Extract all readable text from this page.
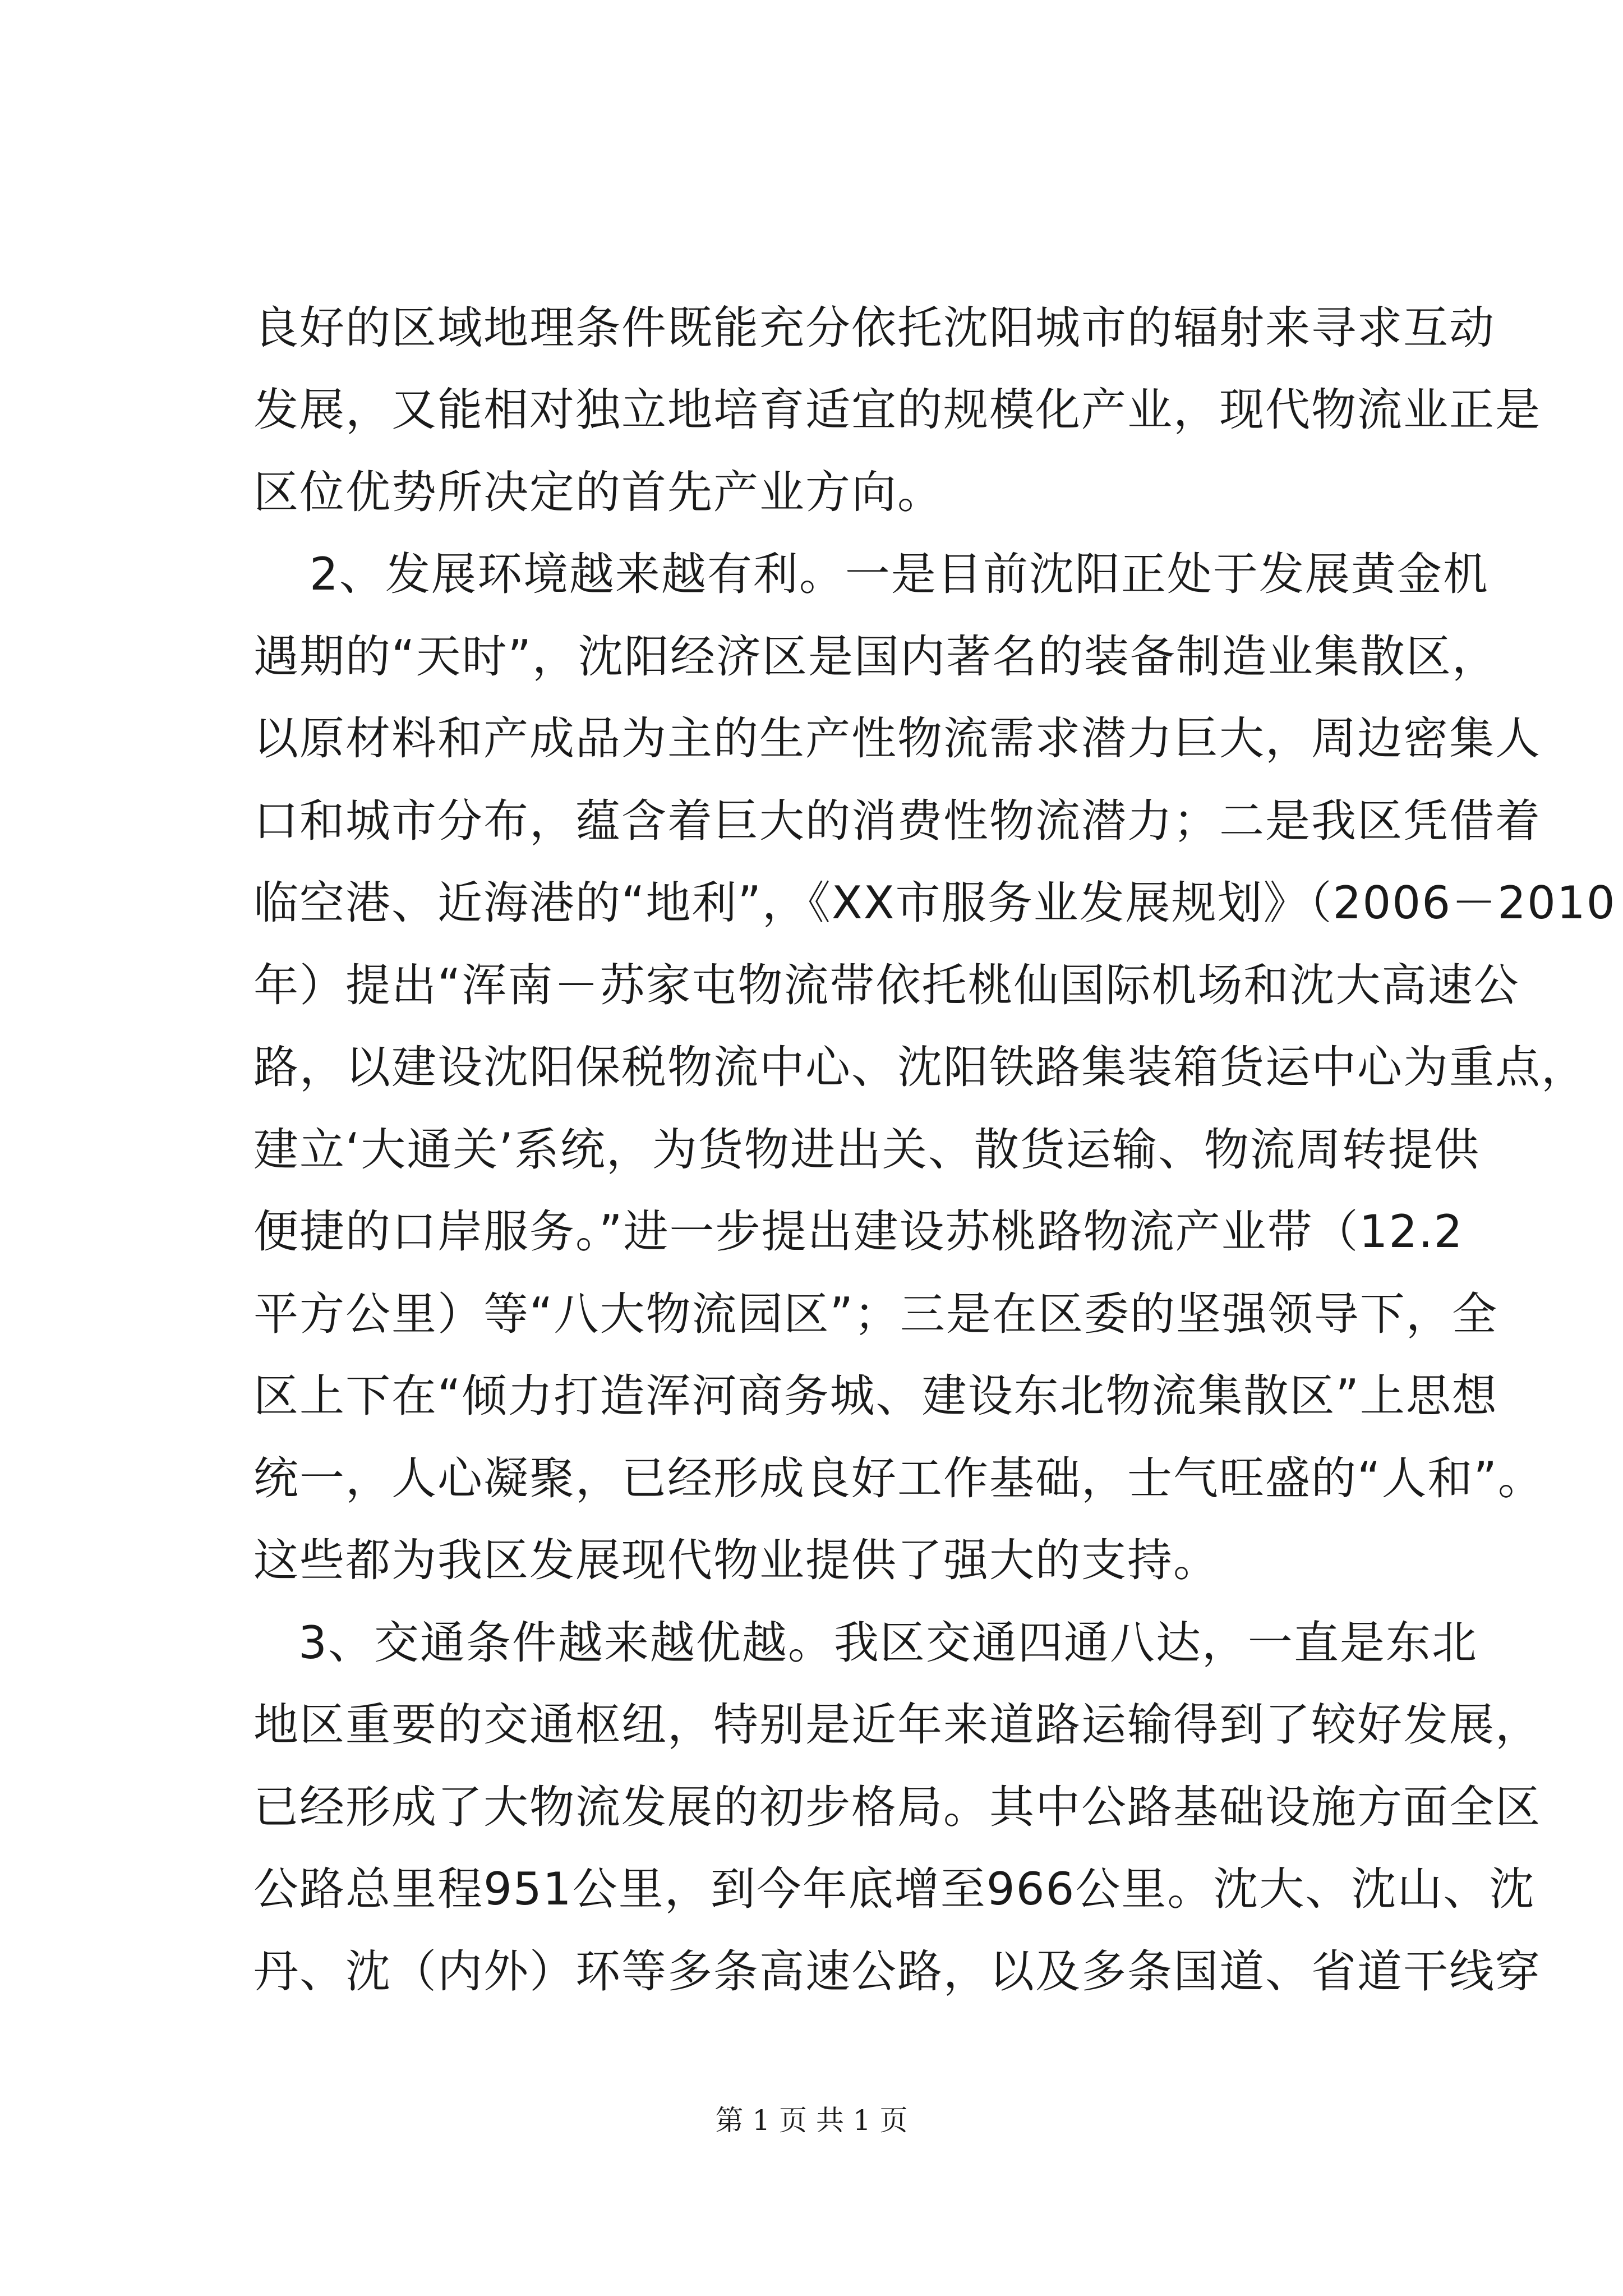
良好的区域地理条件既能充分依托沈阳城市的辐射来寻求互动
发展，又能相对独立地培育适宜的规模化产业，现代物流业正是
区位优势所决定的首先产业方向。
2、发展环境越来越有利。一是目前沈阳正处于发展黄金机
遇期的“天时”，沈阳经济区是国内著名的装备制造业集散区，
以原材料和产成品为主的生产性物流需求潜力巨大，周边密集人
口和城市分布，蕴含着巨大的消费性物流潜力；二是我区凭借着
临空港、近海港的“地利”，《XX市服务业发展规划》（2006－2010
年）提出“浑南－苏家屯物流带依托桃仙国际机场和沈大高速公
路，以建设沈阳保税物流中心、沈阳铁路集装箱货运中心为重点，
建立‘大通关’系统，为货物进出关、散货运输、物流周转提供
便捷的口岸服务。”进一步提出建设苏桃路物流产业带（12.2
平方公里）等“八大物流园区”；三是在区委的坚强领导下，全
区上下在“倾力打造浑河商务城、建设东北物流集散区”上思想
统一，人心凝聚，已经形成良好工作基础，士气旺盛的“人和”。
这些都为我区发展现代物业提供了强大的支持。
3、交通条件越来越优越。我区交通四通八达，一直是东北
地区重要的交通枢纽，特别是近年来道路运输得到了较好发展，
已经形成了大物流发展的初步格局。其中公路基础设施方面全区
公路总里程951公里，到今年底增至966公里。沈大、沈山、沈
丹、沈（内外）环等多条高速公路，以及多条国道、省道干线穿
第 1 页 共 1 页
